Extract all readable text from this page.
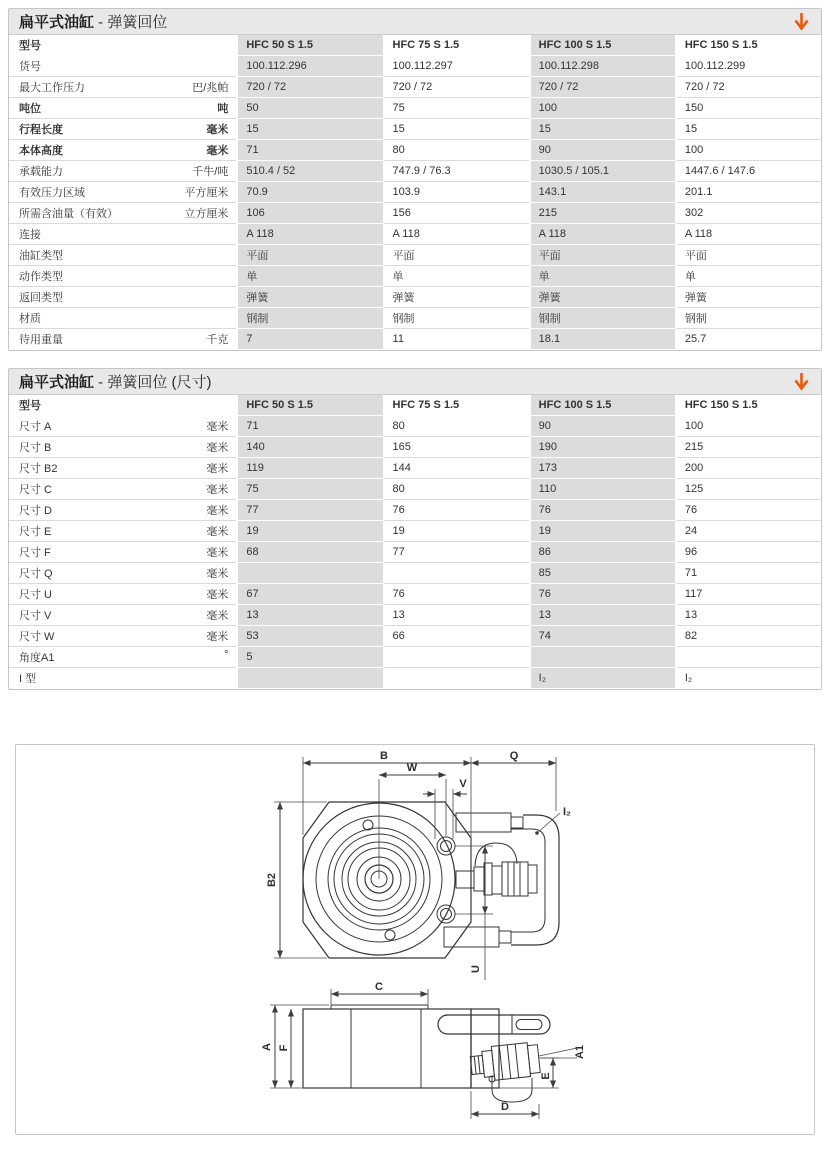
扁平式油缸 - 弹簧回位
型号	HFC 50 S 1.5	HFC 75 S 1.5	HFC 100 S 1.5	HFC 150 S 1.5
货号	100.112.296	100.112.297	100.112.298	100.112.299
最大工作压力 巴/兆帕	720 / 72	720 / 72	720 / 72	720 / 72
吨位 吨	50	75	100	150
行程长度 毫米	15	15	15	15
本体高度 毫米	71	80	90	100
承载能力 千牛/吨	510.4 / 52	747.9 / 76.3	1030.5 / 105.1	1447.6 / 147.6
有效压力区域 平方厘米	70.9	103.9	143.1	201.1
所需含油量（有效） 立方厘米	106	156	215	302
连接	A 118	A 118	A 118	A 118
油缸类型	平面	平面	平面	平面
动作类型	单	单	单	单
返回类型	弹簧	弹簧	弹簧	弹簧
材质	钢制	钢制	钢制	钢制
待用重量 千克	7	11	18.1	25.7
扁平式油缸 - 弹簧回位 (尺寸)
型号	HFC 50 S 1.5	HFC 75 S 1.5	HFC 100 S 1.5	HFC 150 S 1.5
尺寸 A 毫米	71	80	90	100
尺寸 B 毫米	140	165	190	215
尺寸 B2 毫米	119	144	173	200
尺寸 C 毫米	75	80	110	125
尺寸 D 毫米	77	76	76	76
尺寸 E 毫米	19	19	19	24
尺寸 F 毫米	68	77	86	96
尺寸 Q 毫米			85	71
尺寸 U 毫米	67	76	76	117
尺寸 V 毫米	13	13	13	13
尺寸 W 毫米	53	66	74	82
角度A1 °	5			
I 型			I₂	I₂
B	Q
W
V
B2
U
I₂
C
A F	A1
E
D
